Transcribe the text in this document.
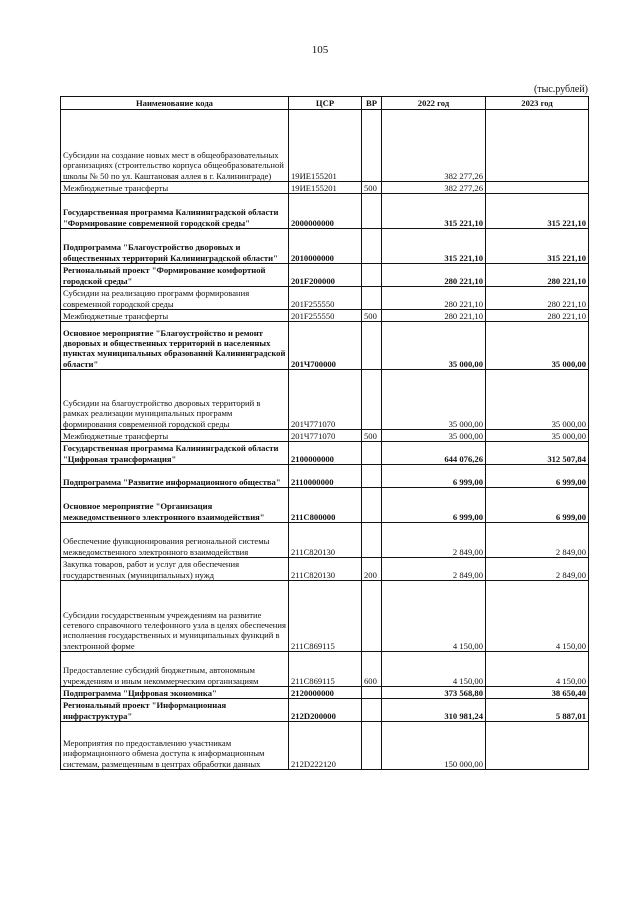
105
(тыс.рублей)
Наименование кода	ЦСР	ВР	2022 год	2023 год
Субсидии на создание новых мест в общеобразовательных организациях (строительство корпуса общеобразовательной школы № 50 по ул. Каштановая аллея в г. Калининграде)	19ИЕ155201		382 277,26	
Межбюджетные трансферты	19ИЕ155201	500	382 277,26	
Государственная программа Калининградской области "Формирование современной городской среды"	2000000000		315 221,10	315 221,10
Подпрограмма "Благоустройство дворовых и общественных территорий Калининградской области"	2010000000		315 221,10	315 221,10
Региональный проект "Формирование комфортной городской среды"	201F200000		280 221,10	280 221,10
Субсидии на реализацию программ формирования современной городской среды	201F255550		280 221,10	280 221,10
Межбюджетные трансферты	201F255550	500	280 221,10	280 221,10
Основное мероприятие "Благоустройство и ремонт дворовых и общественных территорий в населенных пунктах муниципальных образований Калининградской области"	201Ч700000		35 000,00	35 000,00
Субсидии на благоустройство дворовых территорий в рамках реализации муниципальных программ формирования современной городской среды	201Ч771070		35 000,00	35 000,00
Межбюджетные трансферты	201Ч771070	500	35 000,00	35 000,00
Государственная программа Калининградской области "Цифровая трансформация"	2100000000		644 076,26	312 507,84
Подпрограмма "Развитие информационного общества"	2110000000		6 999,00	6 999,00
Основное мероприятие "Организация межведомственного электронного взаимодействия"	211C800000		6 999,00	6 999,00
Обеспечение функционирования региональной системы межведомственного электронного взаимодействия	211C820130		2 849,00	2 849,00
Закупка товаров, работ и услуг для обеспечения государственных (муниципальных) нужд	211C820130	200	2 849,00	2 849,00
Субсидии государственным учреждениям на развитие сетевого справочного телефонного узла в целях обеспечения исполнения государственных и муниципальных функций в электронной форме	211C869115		4 150,00	4 150,00
Предоставление субсидий бюджетным, автономным учреждениям и иным некоммерческим организациям	211C869115	600	4 150,00	4 150,00
Подпрограмма "Цифровая экономика"	2120000000		373 568,80	38 650,40
Региональный проект "Информационная инфраструктура"	212D200000		310 981,24	5 887,01
Мероприятия по предоставлению участникам информационного обмена доступа к информационным системам, размещенным в центрах обработки данных	212D222120		150 000,00	
